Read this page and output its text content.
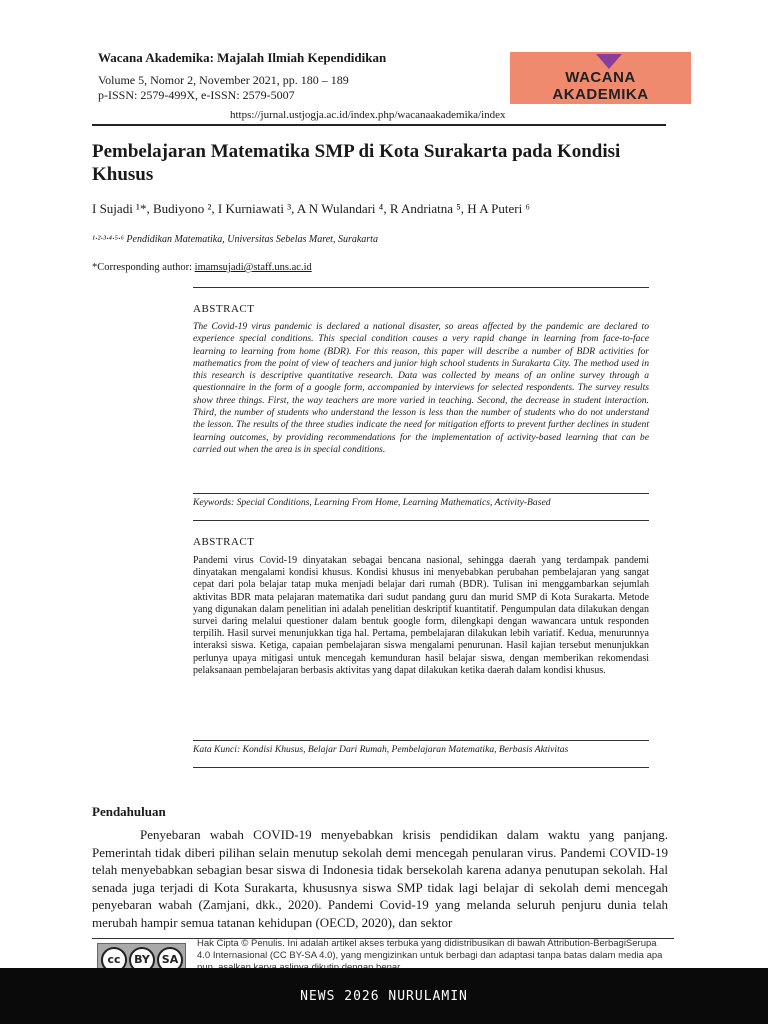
Wacana Akademika: Majalah Ilmiah Kependidikan
Volume 5, Nomor 2, November 2021, pp. 180 – 189
p-ISSN: 2579-499X, e-ISSN: 2579-5007
WACANA
AKADEMIKA
https://jurnal.ustjogja.ac.id/index.php/wacanaakademika/index
Pembelajaran Matematika SMP di Kota Surakarta pada Kondisi Khusus
I Sujadi ¹*, Budiyono ², I Kurniawati ³, A N Wulandari ⁴, R Andriatna ⁵, H A Puteri ⁶
¹·²·³·⁴·⁵·⁶ Pendidikan Matematika, Universitas Sebelas Maret, Surakarta
*Corresponding author: imamsujadi@staff.uns.ac.id
ABSTRACT
The Covid-19 virus pandemic is declared a national disaster, so areas affected by the pandemic are declared to experience special conditions. This special condition causes a very rapid change in learning from face-to-face learning to learning from home (BDR). For this reason, this paper will describe a number of BDR activities for mathematics from the point of view of teachers and junior high school students in Surakarta City. The method used in this research is descriptive quantitative research. Data was collected by means of an online survey through a questionnaire in the form of a google form, accompanied by interviews for selected respondents. The survey results show three things. First, the way teachers are more varied in teaching. Second, the decrease in student interaction. Third, the number of students who understand the lesson is less than the number of students who do not understand the lesson. The results of the three studies indicate the need for mitigation efforts to prevent further declines in student learning outcomes, by providing recommendations for the implementation of activity-based learning that can be carried out when the area is in special conditions.
Keywords: Special Conditions, Learning From Home, Learning Mathematics, Activity-Based
ABSTRACT
Pandemi virus Covid-19 dinyatakan sebagai bencana nasional, sehingga daerah yang terdampak pandemi dinyatakan mengalami kondisi khusus. Kondisi khusus ini menyebabkan perubahan pembelajaran yang sangat cepat dari pola belajar tatap muka menjadi belajar dari rumah (BDR). Tulisan ini menggambarkan sejumlah aktivitas BDR mata pelajaran matematika dari sudut pandang guru dan murid SMP di Kota Surakarta. Metode yang digunakan dalam penelitian ini adalah penelitian deskriptif kuantitatif. Pengumpulan data dilakukan dengan survei daring melalui questioner dalam bentuk google form, dilengkapi dengan wawancara untuk responden terpilih. Hasil survei menunjukkan tiga hal. Pertama, pembelajaran dilakukan lebih variatif. Kedua, menurunnya interaksi siswa. Ketiga, capaian pembelajaran siswa mengalami penurunan. Hasil kajian tersebut menunjukkan perlunya upaya mitigasi untuk mencegah kemunduran hasil belajar siswa, dengan memberikan rekomendasi pelaksanaan pembelajaran berbasis aktivitas yang dapat dilakukan ketika daerah dalam kondisi khusus.
Kata Kunci: Kondisi Khusus, Belajar Dari Rumah, Pembelajaran Matematika, Berbasis Aktivitas
Pendahuluan

Penyebaran wabah COVID-19 menyebabkan krisis pendidikan dalam waktu yang panjang. Pemerintah tidak diberi pilihan selain menutup sekolah demi mencegah penularan virus. Pandemi COVID-19 telah menyebabkan sebagian besar siswa di Indonesia tidak bersekolah karena adanya penutupan sekolah. Hal senada juga terjadi di Kota Surakarta, khususnya siswa SMP tidak lagi belajar di sekolah demi mencegah penyebaran wabah (Zamjani, dkk., 2020). Pandemi Covid-19 yang melanda seluruh penjuru dunia telah merubah hampir semua tatanan kehidupan (OECD, 2020), dan sektor

cc	BY	SA
Hak Cipta © Penulis. Ini adalah artikel akses terbuka yang didistribusikan di bawah Attribution-BerbagiSerupa 4.0 Internasional (CC BY-SA 4.0), yang mengizinkan untuk berbagi dan adaptasi tanpa batas dalam media apa
NEWS 2026 NURULAMIN
